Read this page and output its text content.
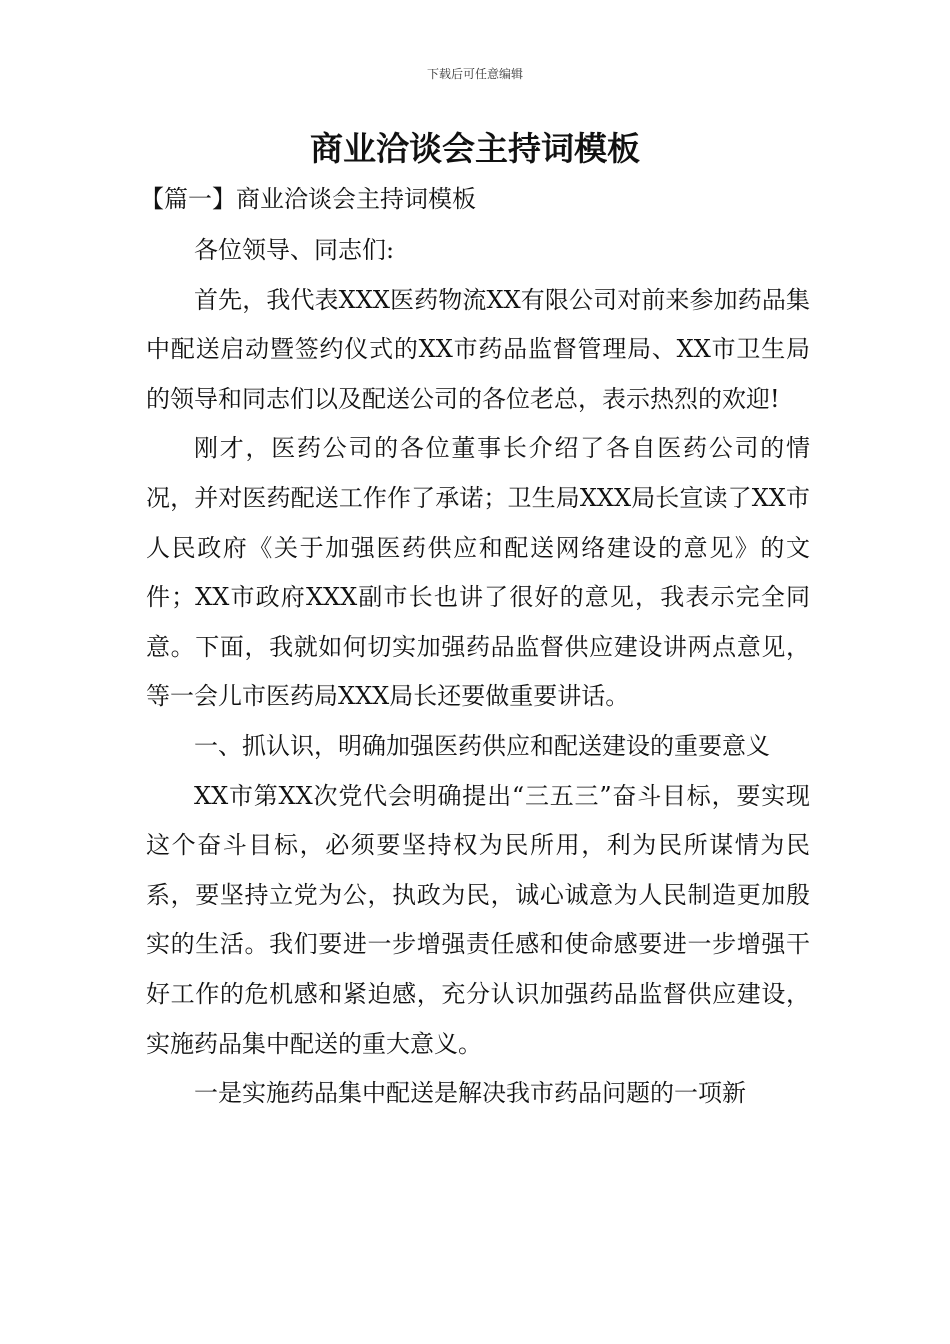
下载后可任意编辑
商业洽谈会主持词模板
【篇一】商业洽谈会主持词模板

各位领导、同志们:

首先，我代表XXX医药物流XX有限公司对前来参加药品集中配送启动暨签约仪式的XX市药品监督管理局、XX市卫生局的领导和同志们以及配送公司的各位老总，表示热烈的欢迎!

刚才，医药公司的各位董事长介绍了各自医药公司的情况，并对医药配送工作作了承诺；卫生局XXX局长宣读了XX市人民政府《关于加强医药供应和配送网络建设的意见》的文件；XX市政府XXX副市长也讲了很好的意见，我表示完全同意。下面，我就如何切实加强药品监督供应建设讲两点意见，等一会儿市医药局XXX局长还要做重要讲话。

一、抓认识，明确加强医药供应和配送建设的重要意义

XX市第XX次党代会明确提出“三五三”奋斗目标，要实现这个奋斗目标，必须要坚持权为民所用，利为民所谋情为民系，要坚持立党为公，执政为民，诚心诚意为人民制造更加殷实的生活。我们要进一步增强责任感和使命感要进一步增强干好工作的危机感和紧迫感，充分认识加强药品监督供应建设，实施药品集中配送的重大意义。

一是实施药品集中配送是解决我市药品问题的一项新
